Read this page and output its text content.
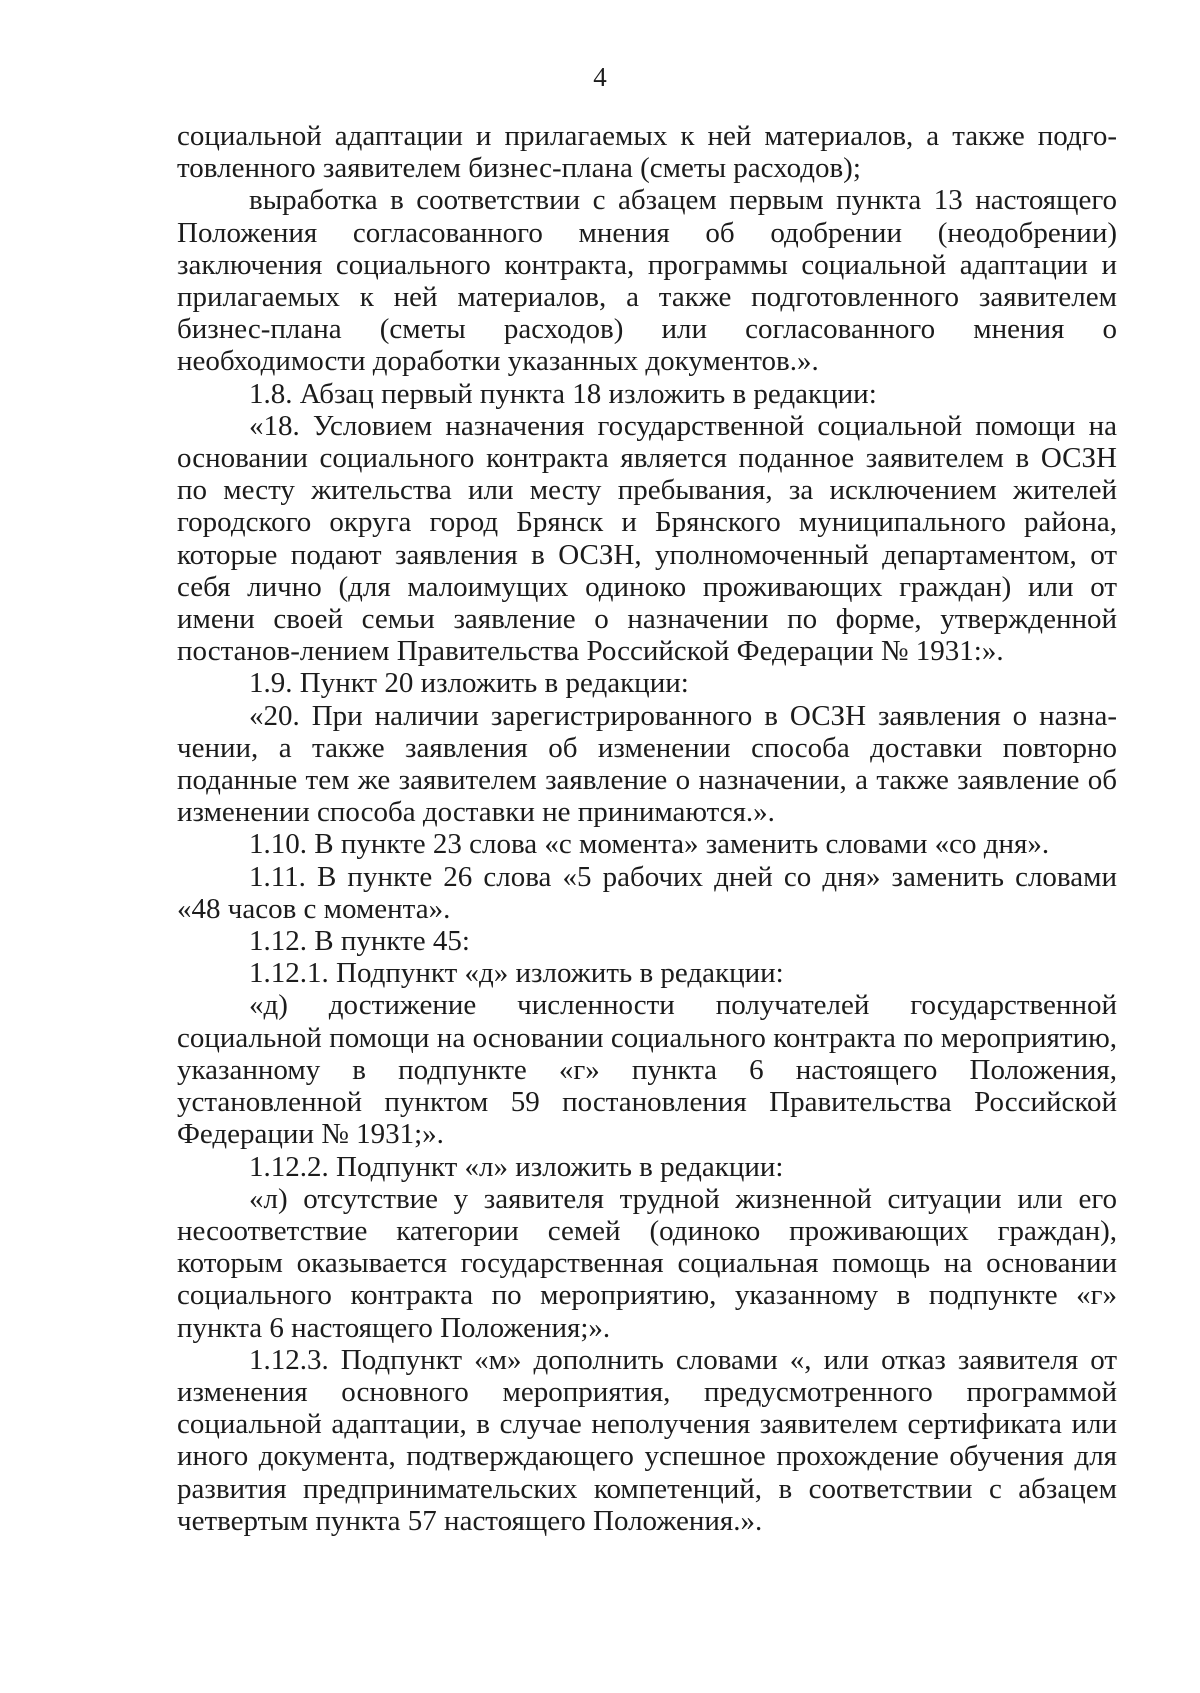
4

социальной адаптации и прилагаемых к ней материалов, а также подго-товленного заявителем бизнес-плана (сметы расходов);

выработка в соответствии с абзацем первым пункта 13 настоящего Положения согласованного мнения об одобрении (неодобрении) заключения социального контракта, программы социальной адаптации и прилагаемых к ней материалов, а также подготовленного заявителем бизнес-плана (сметы расходов) или согласованного мнения о необходимости доработки указанных документов.».

1.8. Абзац первый пункта 18 изложить в редакции:

«18. Условием назначения государственной социальной помощи на основании социального контракта является поданное заявителем в ОСЗН по месту жительства или месту пребывания, за исключением жителей городского округа город Брянск и Брянского муниципального района, которые подают заявления в ОСЗН, уполномоченный департаментом, от себя лично (для малоимущих одиноко проживающих граждан) или от имени своей семьи заявление о назначении по форме, утвержденной постанов-лением Правительства Российской Федерации № 1931:».

1.9. Пункт 20 изложить в редакции:

«20. При наличии зарегистрированного в ОСЗН заявления о назна-чении, а также заявления об изменении способа доставки повторно поданные тем же заявителем заявление о назначении, а также заявление об изменении способа доставки не принимаются.».

1.10. В пункте 23 слова «с момента» заменить словами «со дня».

1.11. В пункте 26 слова «5 рабочих дней со дня» заменить словами «48 часов с момента».

1.12. В пункте 45:

1.12.1. Подпункт «д» изложить в редакции:

«д) достижение численности получателей государственной социальной помощи на основании социального контракта по мероприятию, указанному в подпункте «г» пункта 6 настоящего Положения, установленной пунктом 59 постановления Правительства Российской Федерации № 1931;».

1.12.2. Подпункт «л» изложить в редакции:

«л) отсутствие у заявителя трудной жизненной ситуации или его несоответствие категории семей (одиноко проживающих граждан), которым оказывается государственная социальная помощь на основании социального контракта по мероприятию, указанному в подпункте «г» пункта 6 настоящего Положения;».

1.12.3. Подпункт «м» дополнить словами «, или отказ заявителя от изменения основного мероприятия, предусмотренного программой социальной адаптации, в случае неполучения заявителем сертификата или иного документа, подтверждающего успешное прохождение обучения для развития предпринимательских компетенций, в соответствии с абзацем четвертым пункта 57 настоящего Положения.».
